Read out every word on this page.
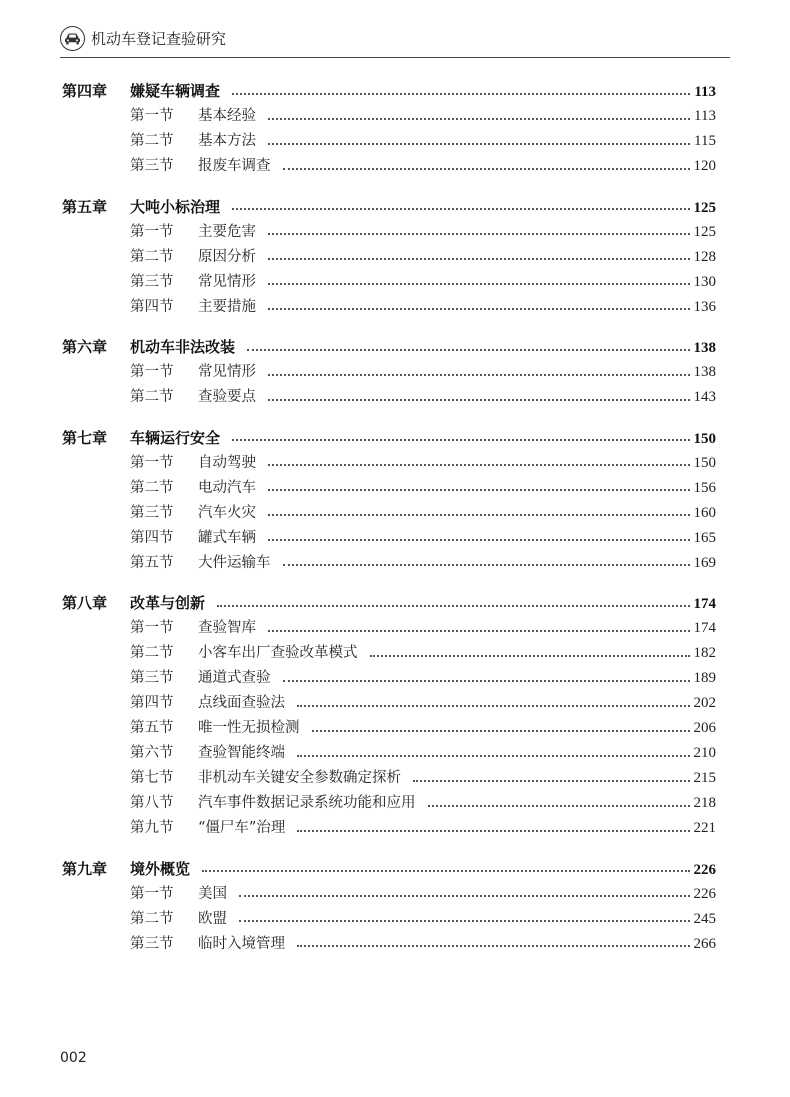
机动车登记查验研究
第四章	嫌疑车辆调查	113
第一节	基本经验	113
第二节	基本方法	115
第三节	报废车调查	120
第五章	大吨小标治理	125
第一节	主要危害	125
第二节	原因分析	128
第三节	常见情形	130
第四节	主要措施	136
第六章	机动车非法改装	138
第一节	常见情形	138
第二节	查验要点	143
第七章	车辆运行安全	150
第一节	自动驾驶	150
第二节	电动汽车	156
第三节	汽车火灾	160
第四节	罐式车辆	165
第五节	大件运输车	169
第八章	改革与创新	174
第一节	查验智库	174
第二节	小客车出厂查验改革模式	182
第三节	通道式查验	189
第四节	点线面查验法	202
第五节	唯一性无损检测	206
第六节	查验智能终端	210
第七节	非机动车关键安全参数确定探析	215
第八节	汽车事件数据记录系统功能和应用	218
第九节	“僵尸车”治理	221
第九章	境外概览	226
第一节	美国	226
第二节	欧盟	245
第三节	临时入境管理	266
002
